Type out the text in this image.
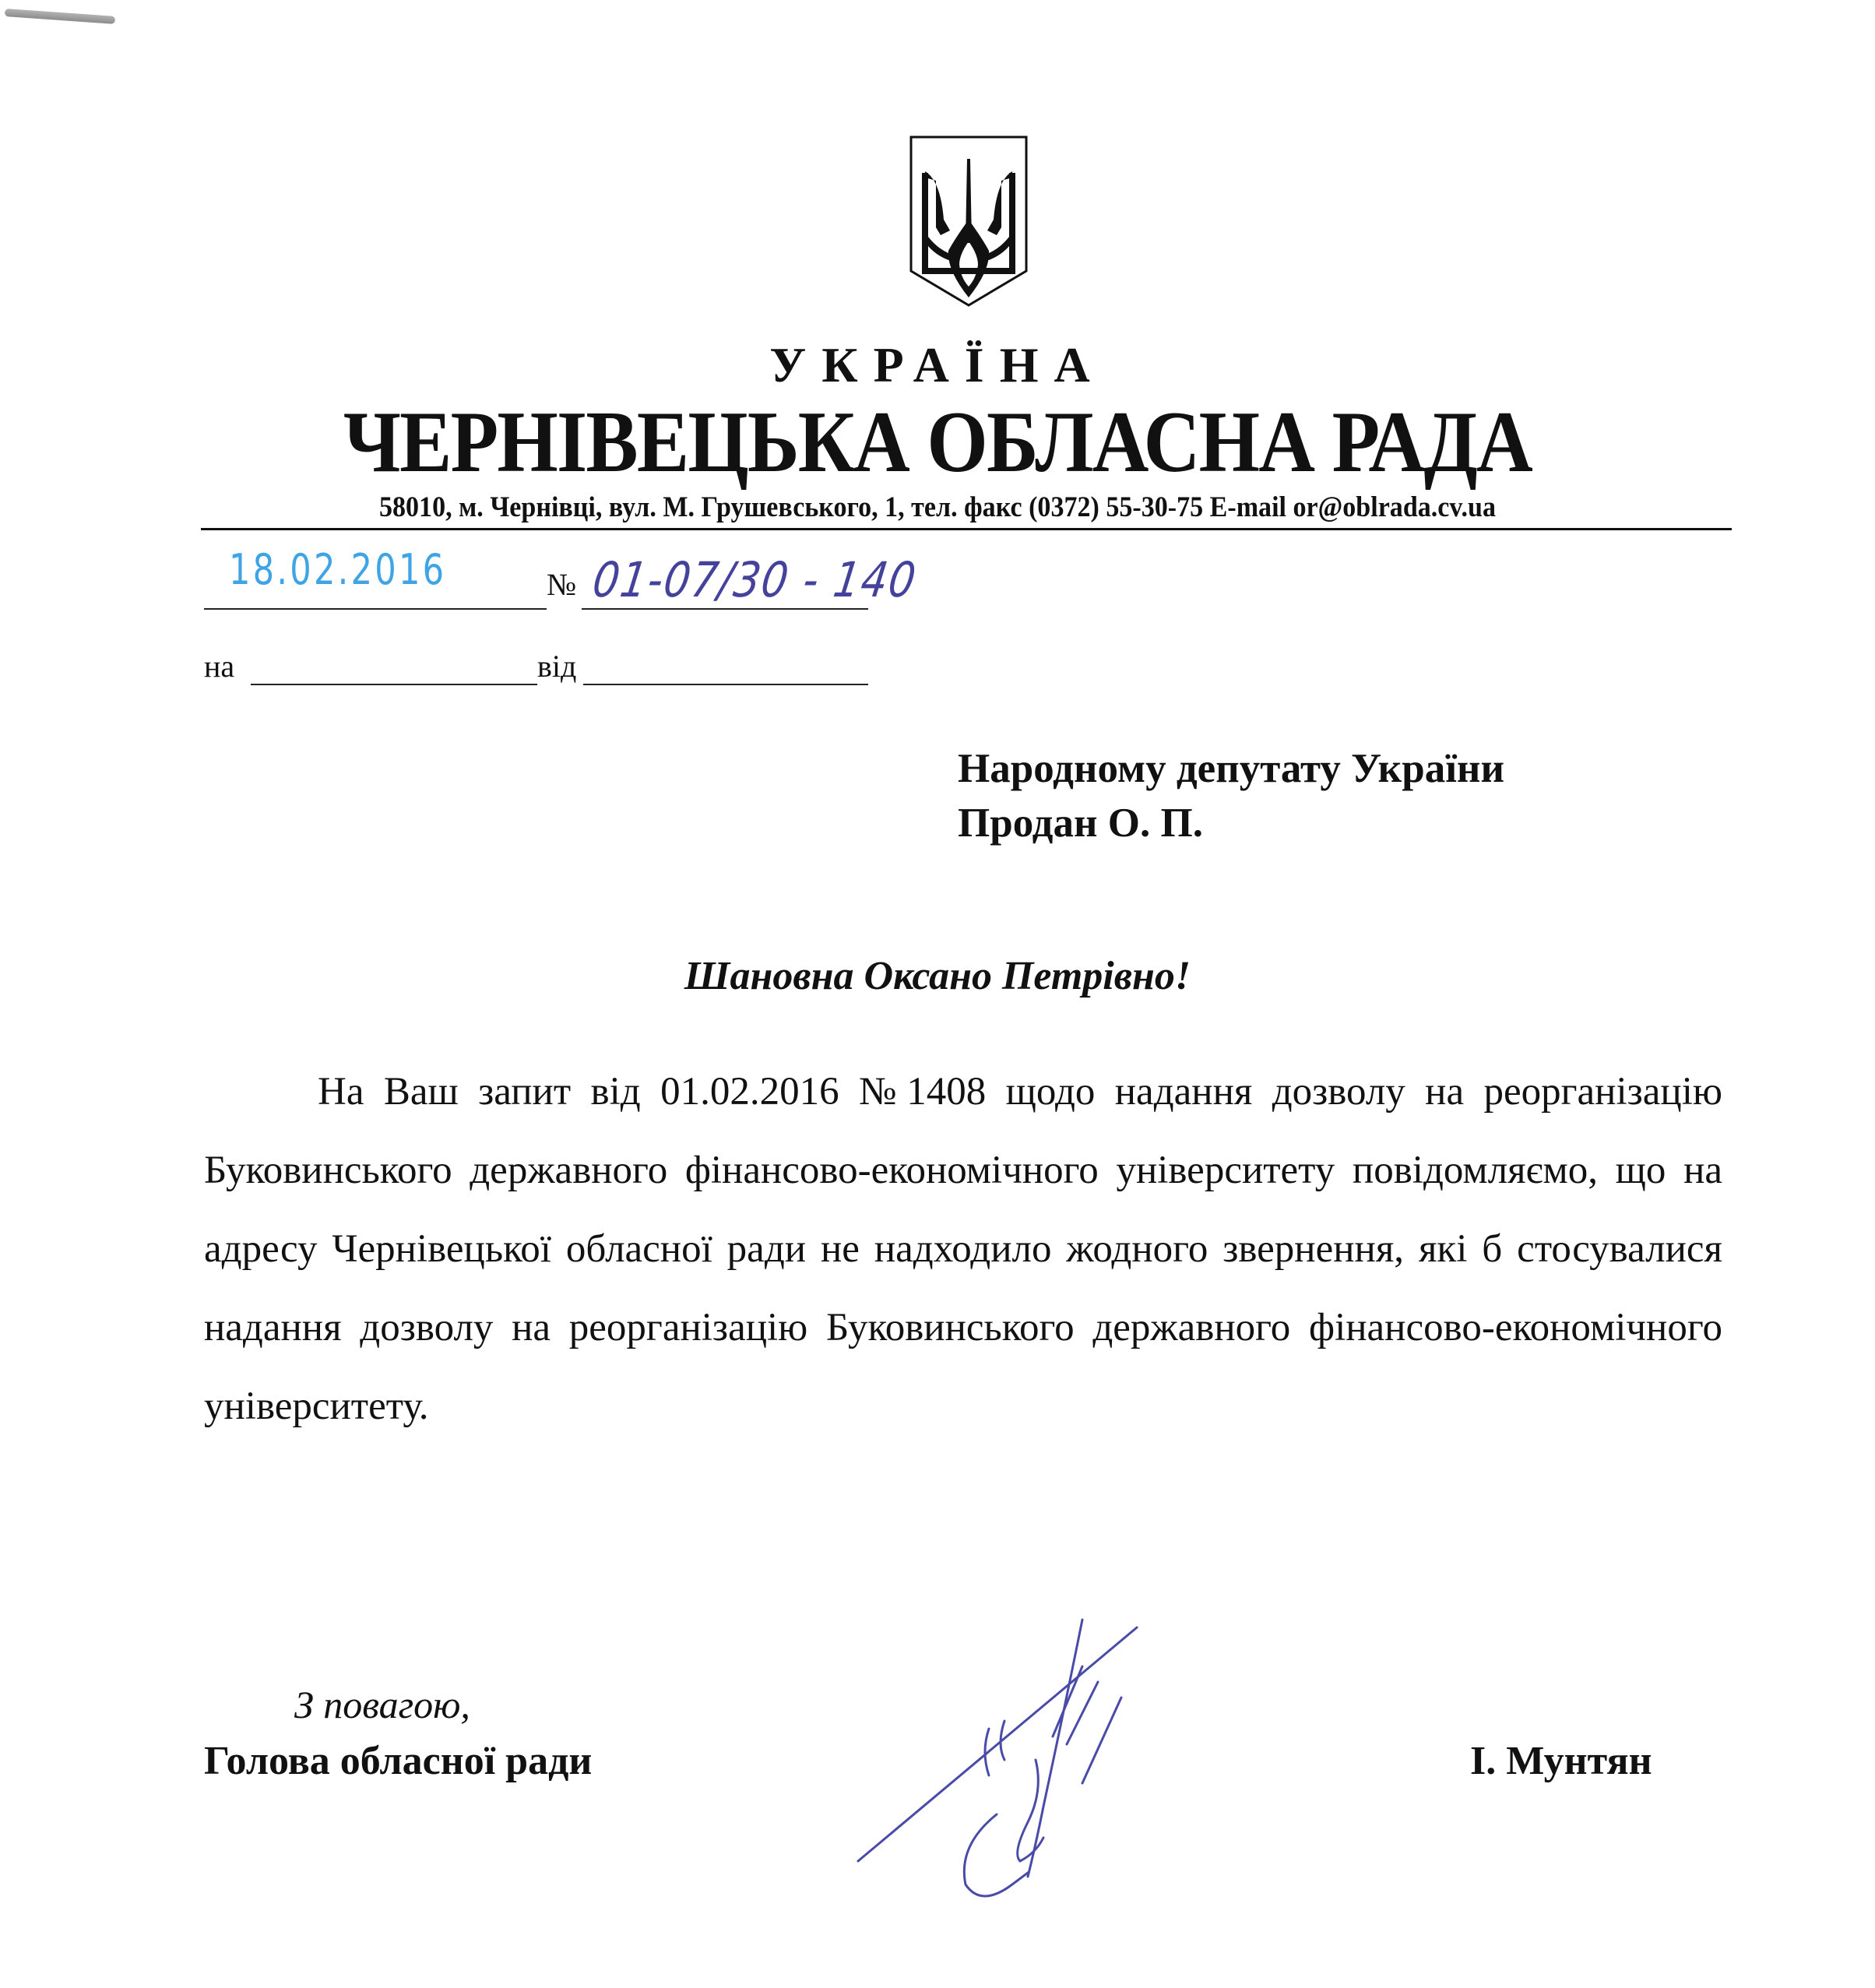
УКРАЇНА
ЧЕРНІВЕЦЬКА ОБЛАСНА РАДА
58010, м. Чернівці, вул. М. Грушевського, 1, тел. факс (0372) 55-30-75 E-mail or@oblrada.cv.ua
18.02.2016	№ 01-07/30 - 140
на	від
Народному депутату України
Продан О. П.
Шановна Оксано Петрівно!

На Ваш запит від 01.02.2016 №1408 щодо надання дозволу на реорганізацію Буковинського державного фінансово-економічного університету повідомляємо, що на адресу Чернівецької обласної ради не надходило жодного звернення, які б стосувалися надання дозволу на реорганізацію Буковинського державного фінансово-економічного університету.

З повагою,
Голова обласної ради	І. Мунтян
